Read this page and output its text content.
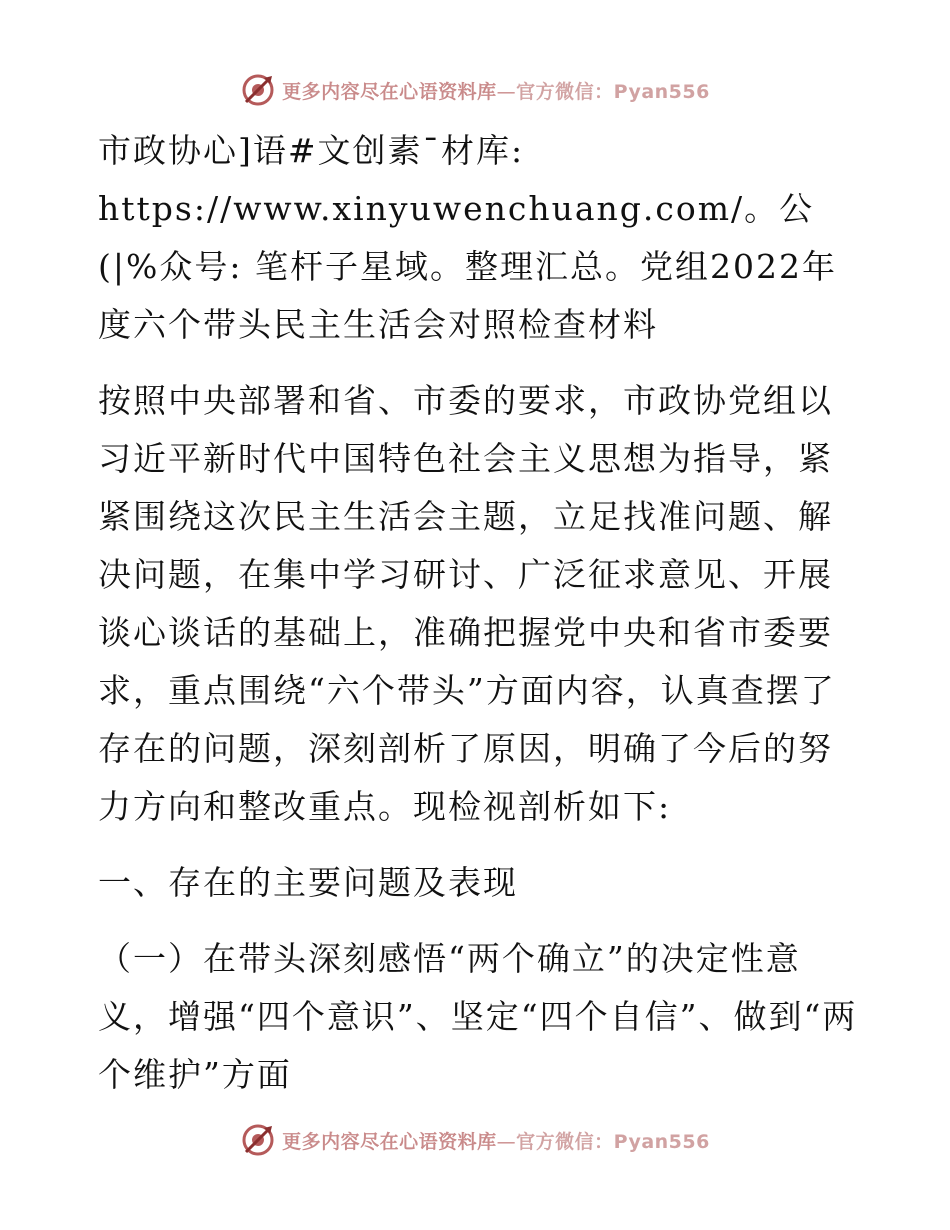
更多内容尽在心语资料库—官方微信：Pyan556

市政协心]语#文创素¯材库: https://www.xinyuwenchuang.com/。公(|%众号: 笔杆子星域。整理汇总。党组2022年度六个带头民主生活会对照检查材料

按照中央部署和省、市委的要求，市政协党组以习近平新时代中国特色社会主义思想为指导，紧紧围绕这次民主生活会主题，立足找准问题、解决问题，在集中学习研讨、广泛征求意见、开展谈心谈话的基础上，准确把握党中央和省市委要求，重点围绕“六个带头”方面内容，认真查摆了存在的问题，深刻剖析了原因，明确了今后的努力方向和整改重点。现检视剖析如下:

一、存在的主要问题及表现

（一）在带头深刻感悟“两个确立”的决定性意义，增强“四个意识”、坚定“四个自信”、做到“两个维护”方面

更多内容尽在心语资料库—官方微信：Pyan556
